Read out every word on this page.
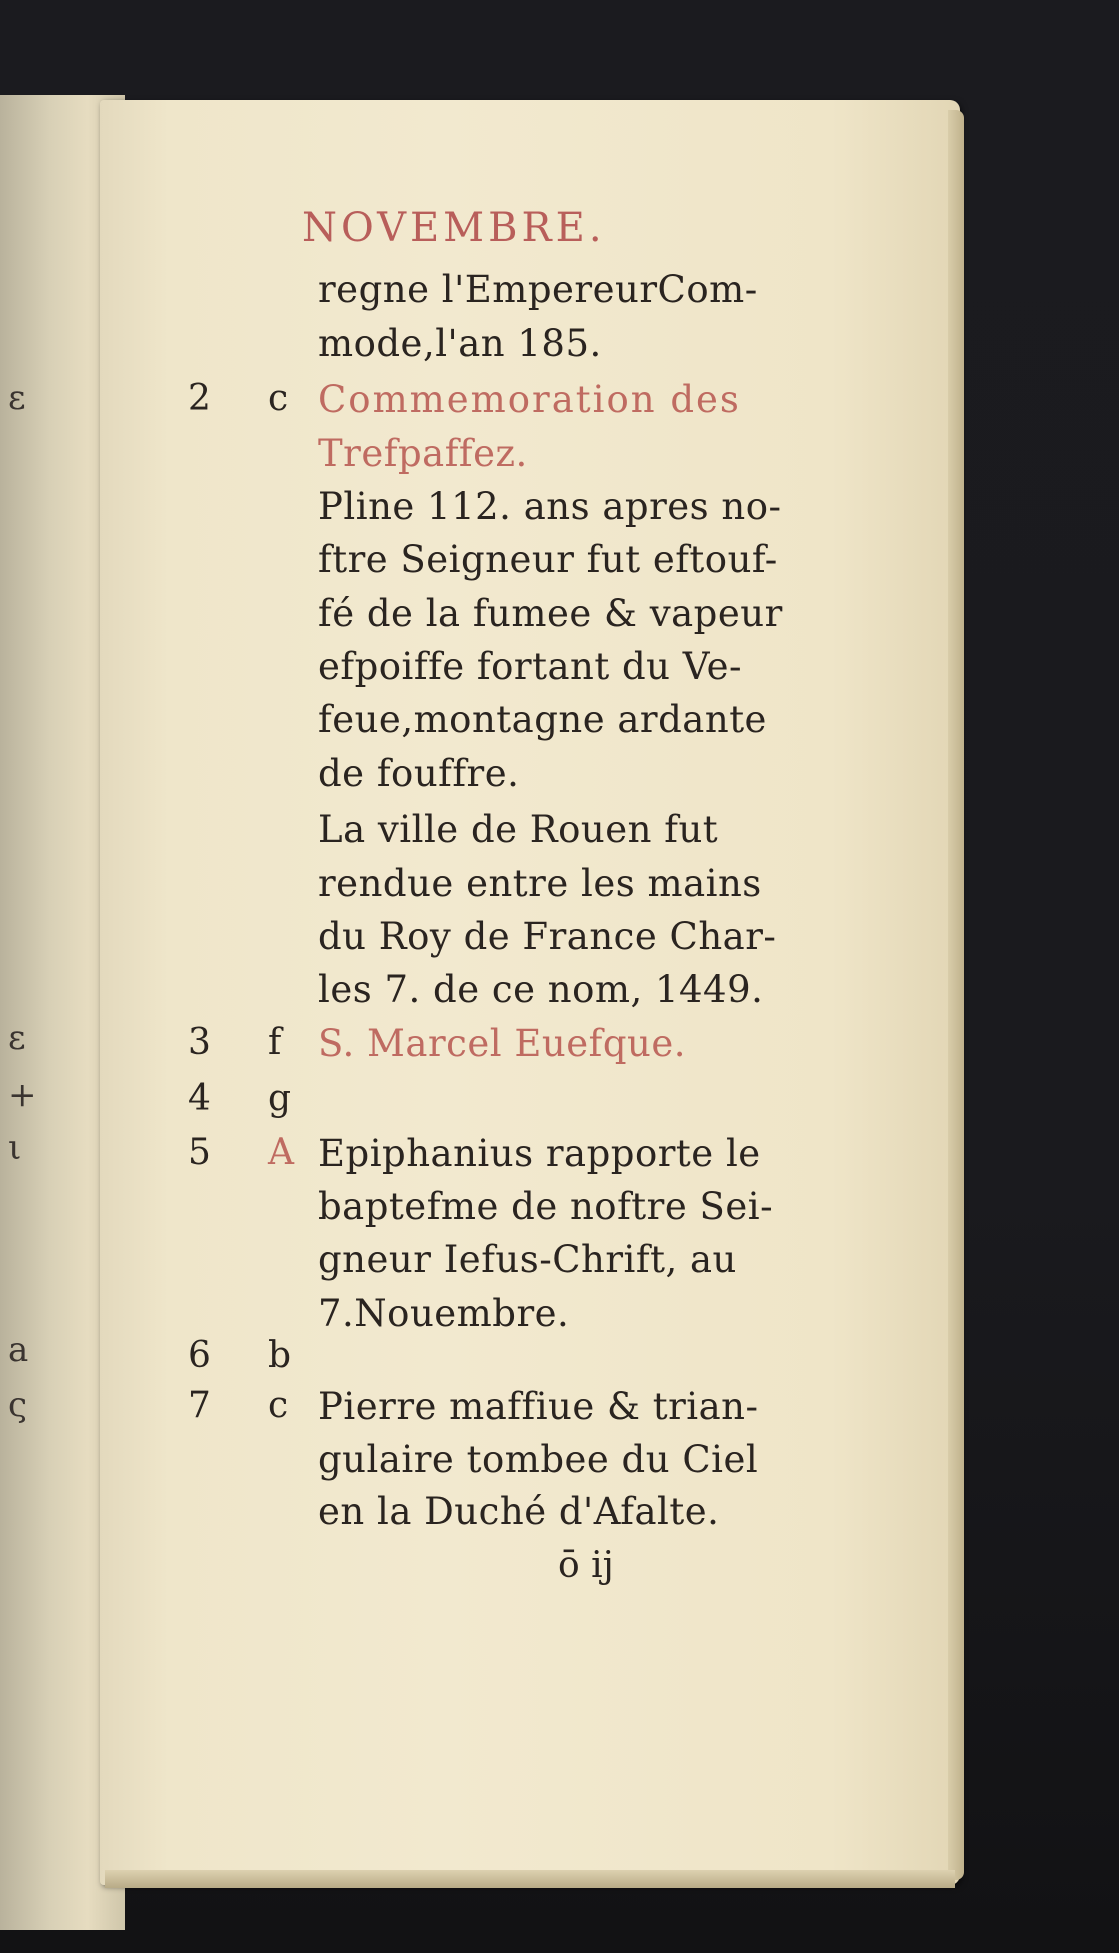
ε
ε
+
ι
a
ς
NOVEMBRE.
regne l'EmpereurCom-
mode,l'an 185.
2 c Commemoration des
Trefpaffez.
Pline 112. ans apres no-
ftre Seigneur fut eftouf-
fé de la fumee & vapeur
efpoiffe fortant du Ve-
feue,montagne ardante
de fouffre.
La ville de Rouen fut
rendue entre les mains
du Roy de France Char-
les 7. de ce nom, 1449.
3 f S. Marcel Euefque.
4 g
5 A Epiphanius rapporte le
baptefme de noftre Sei-
gneur Iefus-Chrift, au
7.Nouembre.
6 b
7 c Pierre maffiue & trian-
gulaire tombee du Ciel
en la Duché d'Afalte.
ō ij
